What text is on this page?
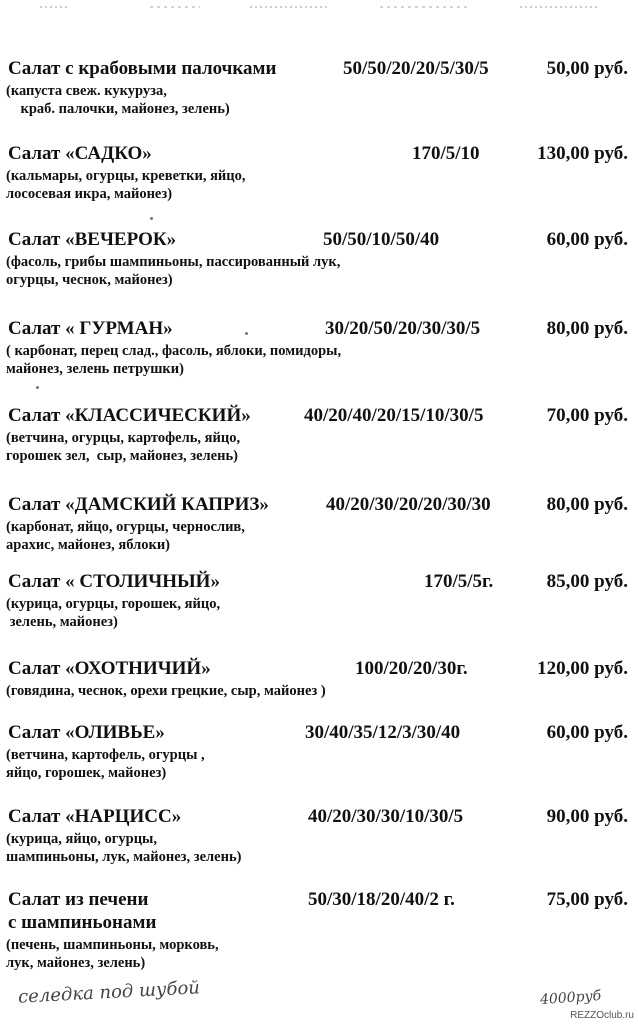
Салат с крабовыми палочками	50/50/20/20/5/30/5	50,00 руб.
(капуста свеж. кукуруза,
краб. палочки, майонез, зелень)
Салат «САДКО»	170/5/10	130,00 руб.
(кальмары, огурцы, креветки, яйцо,
лососевая икра, майонез)
Салат «ВЕЧЕРОК»	50/50/10/50/40	60,00 руб.
(фасоль, грибы шампиньоны, пассированный лук,
огурцы, чеснок, майонез)
Салат « ГУРМАН»	30/20/50/20/30/30/5	80,00 руб.
( карбонат, перец слад., фасоль, яблоки, помидоры,
майонез, зелень петрушки)
Салат «КЛАССИЧЕСКИЙ»	40/20/40/20/15/10/30/5	70,00 руб.
(ветчина, огурцы, картофель, яйцо,
горошек зел,  сыр, майонез, зелень)
Салат «ДАМСКИЙ КАПРИЗ»	40/20/30/20/20/30/30	80,00 руб.
(карбонат, яйцо, огурцы, чернослив,
арахис, майонез, яблоки)
Салат « СТОЛИЧНЫЙ»	170/5/5г.	85,00 руб.
(курица, огурцы, горошек, яйцо,
зелень, майонез)
Салат «ОХОТНИЧИЙ»	100/20/20/30г.	120,00 руб.
(говядина, чеснок, орехи грецкие, сыр, майонез )
Салат «ОЛИВЬЕ»	30/40/35/12/3/30/40	60,00 руб.
(ветчина, картофель, огурцы ,
яйцо, горошек, майонез)
Салат «НАРЦИСС»	40/20/30/30/10/30/5	90,00 руб.
(курица, яйцо, огурцы,
шампиньоны, лук, майонез, зелень)
Салат из печени
с шампиньонами
50/30/18/20/40/2 г.	75,00 руб.
(печень, шампиньоны, морковь,
лук, майонез, зелень)
селедка под шубой	4000руб
REZZOclub.ru
